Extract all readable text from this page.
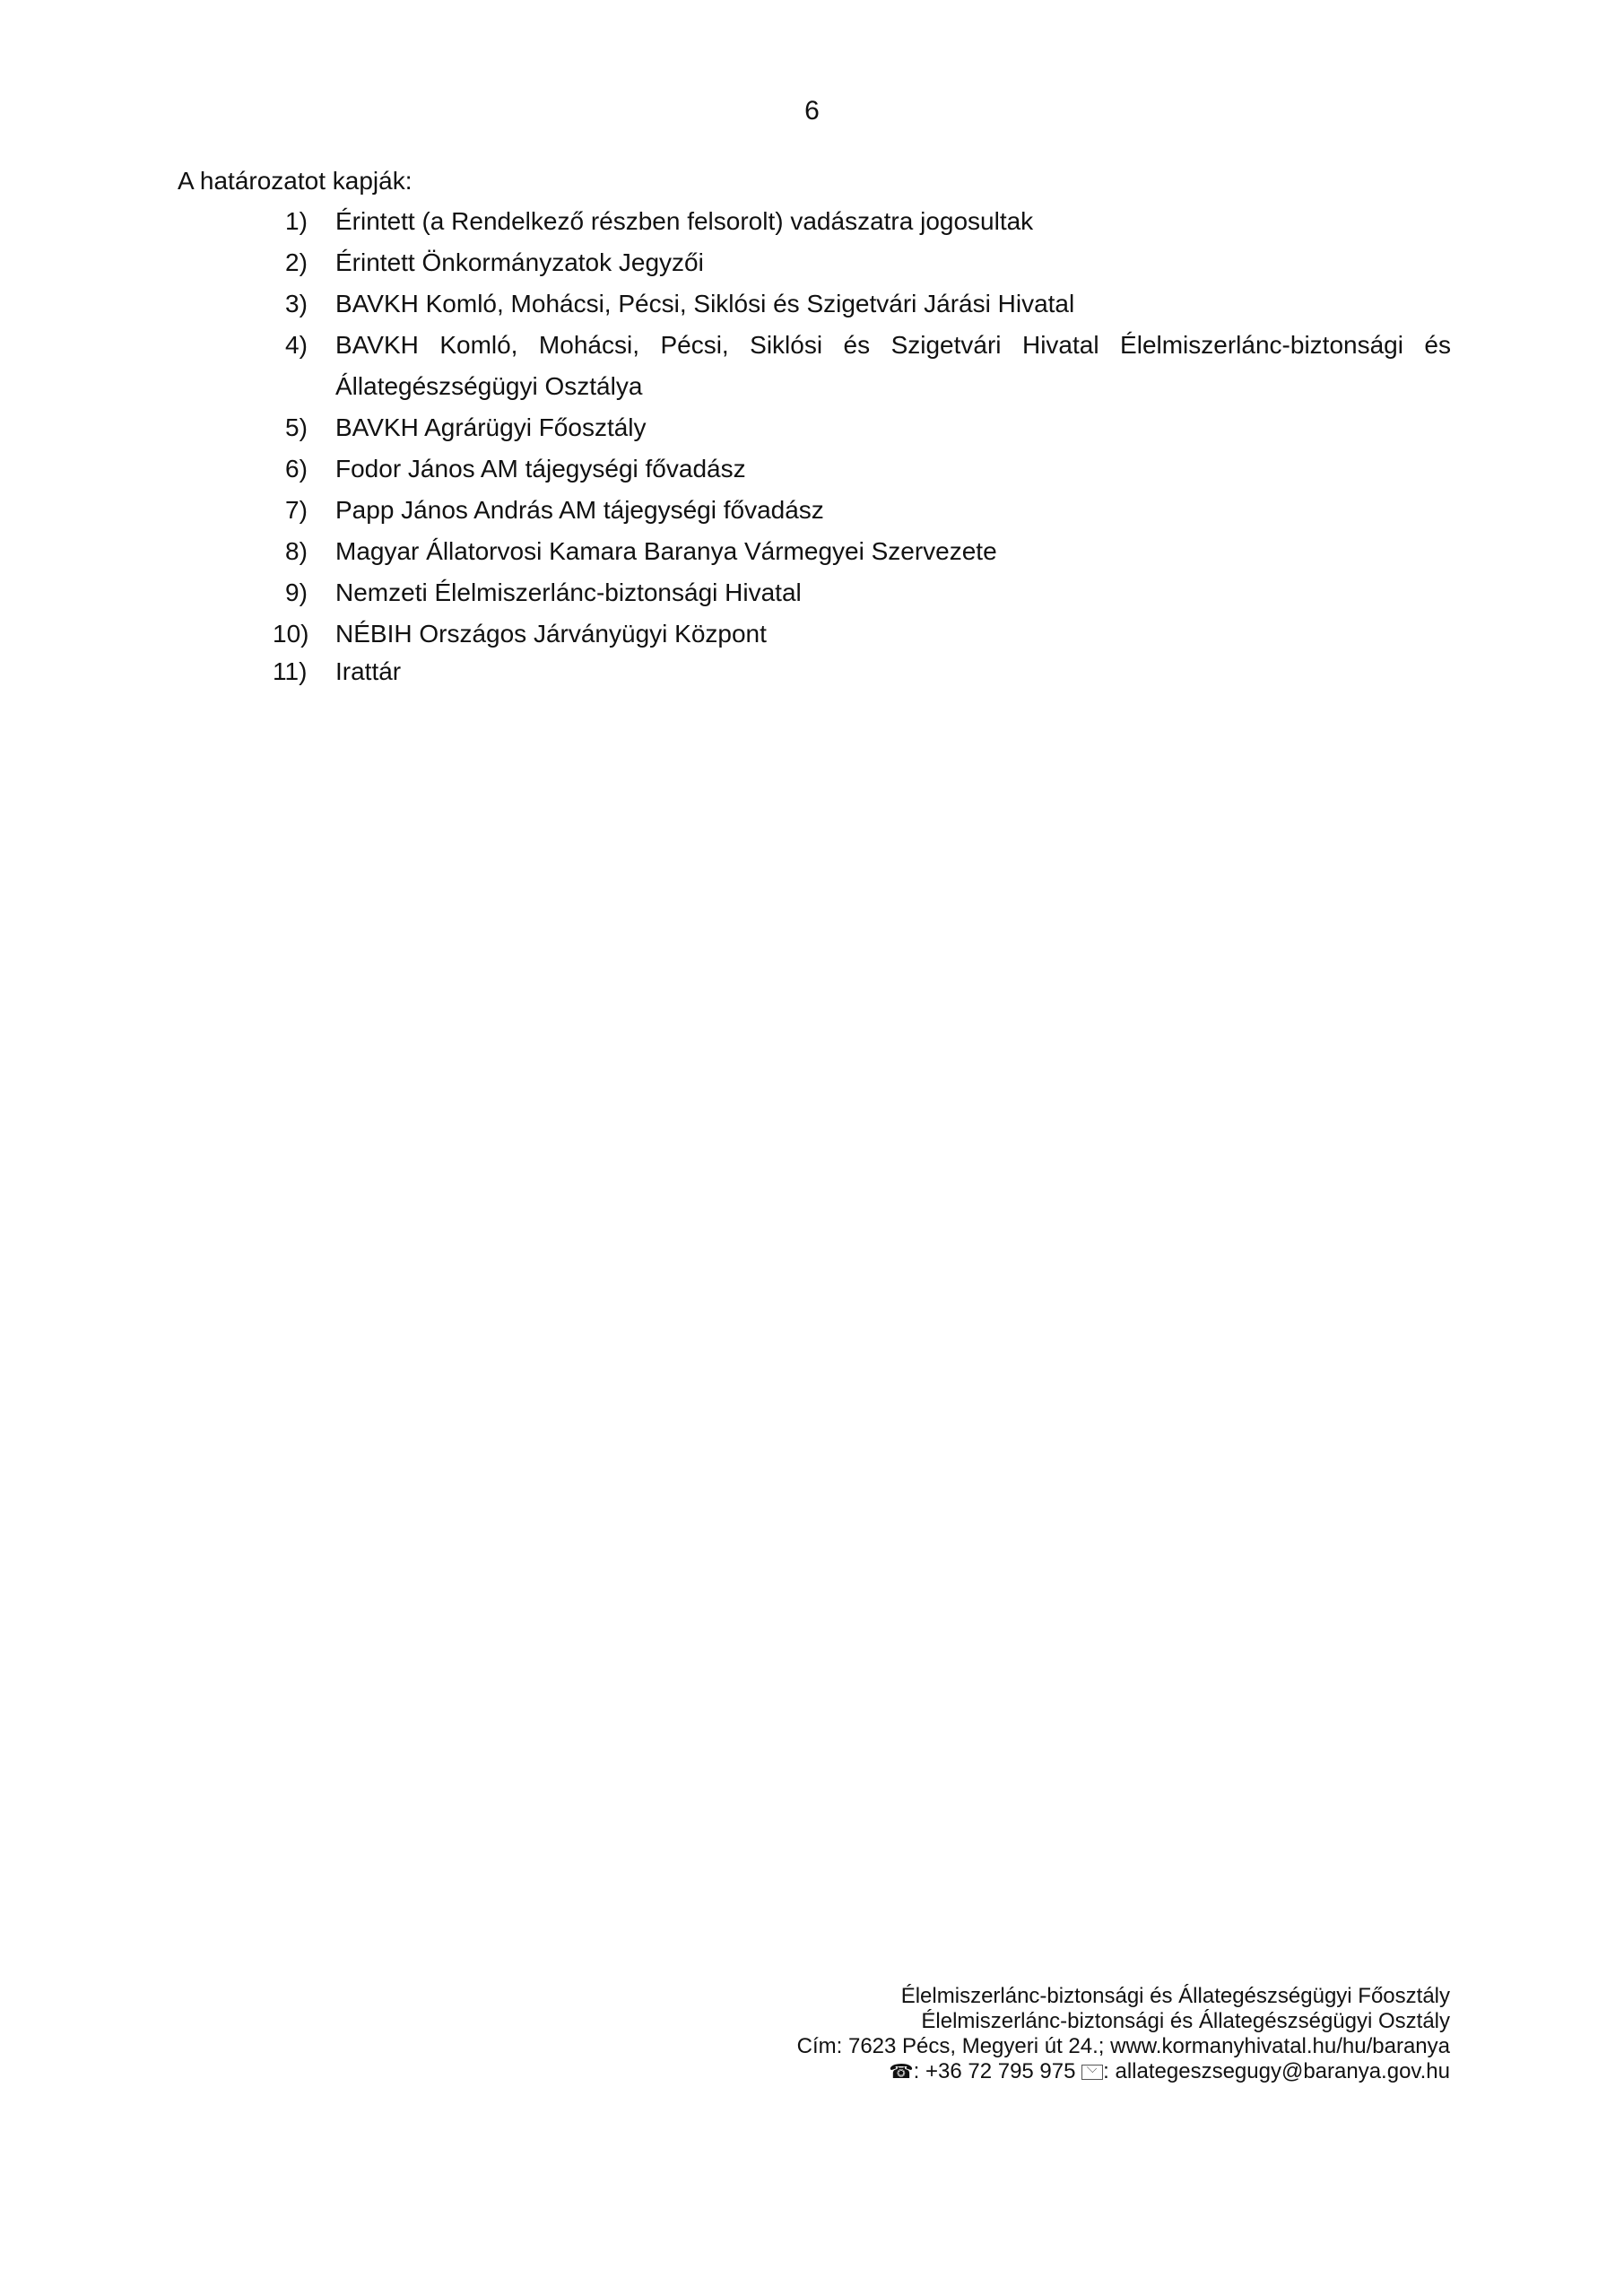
6
A határozatot kapják:
1)	Érintett (a Rendelkező részben felsorolt) vadászatra jogosultak
2)	Érintett Önkormányzatok Jegyzői
3)	BAVKH Komló, Mohácsi, Pécsi, Siklósi és Szigetvári Járási Hivatal
4)	BAVKH Komló, Mohácsi, Pécsi, Siklósi és Szigetvári Hivatal Élelmiszerlánc-biztonsági és Állategészségügyi Osztálya
5)	BAVKH Agrárügyi Főosztály
6)	Fodor János AM tájegységi fővadász
7)	Papp János András AM tájegységi fővadász
8)	Magyar Állatorvosi Kamara Baranya Vármegyei Szervezete
9)	Nemzeti Élelmiszerlánc-biztonsági Hivatal
10)	NÉBIH Országos Járványügyi Központ
11)	Irattár
Élelmiszerlánc-biztonsági és Állategészségügyi Főosztály
Élelmiszerlánc-biztonsági és Állategészségügyi Osztály
Cím: 7623 Pécs, Megyeri út 24.; www.kormanyhivatal.hu/hu/baranya
☎: +36 72 795 975 : allategeszsegugy@baranya.gov.hu
